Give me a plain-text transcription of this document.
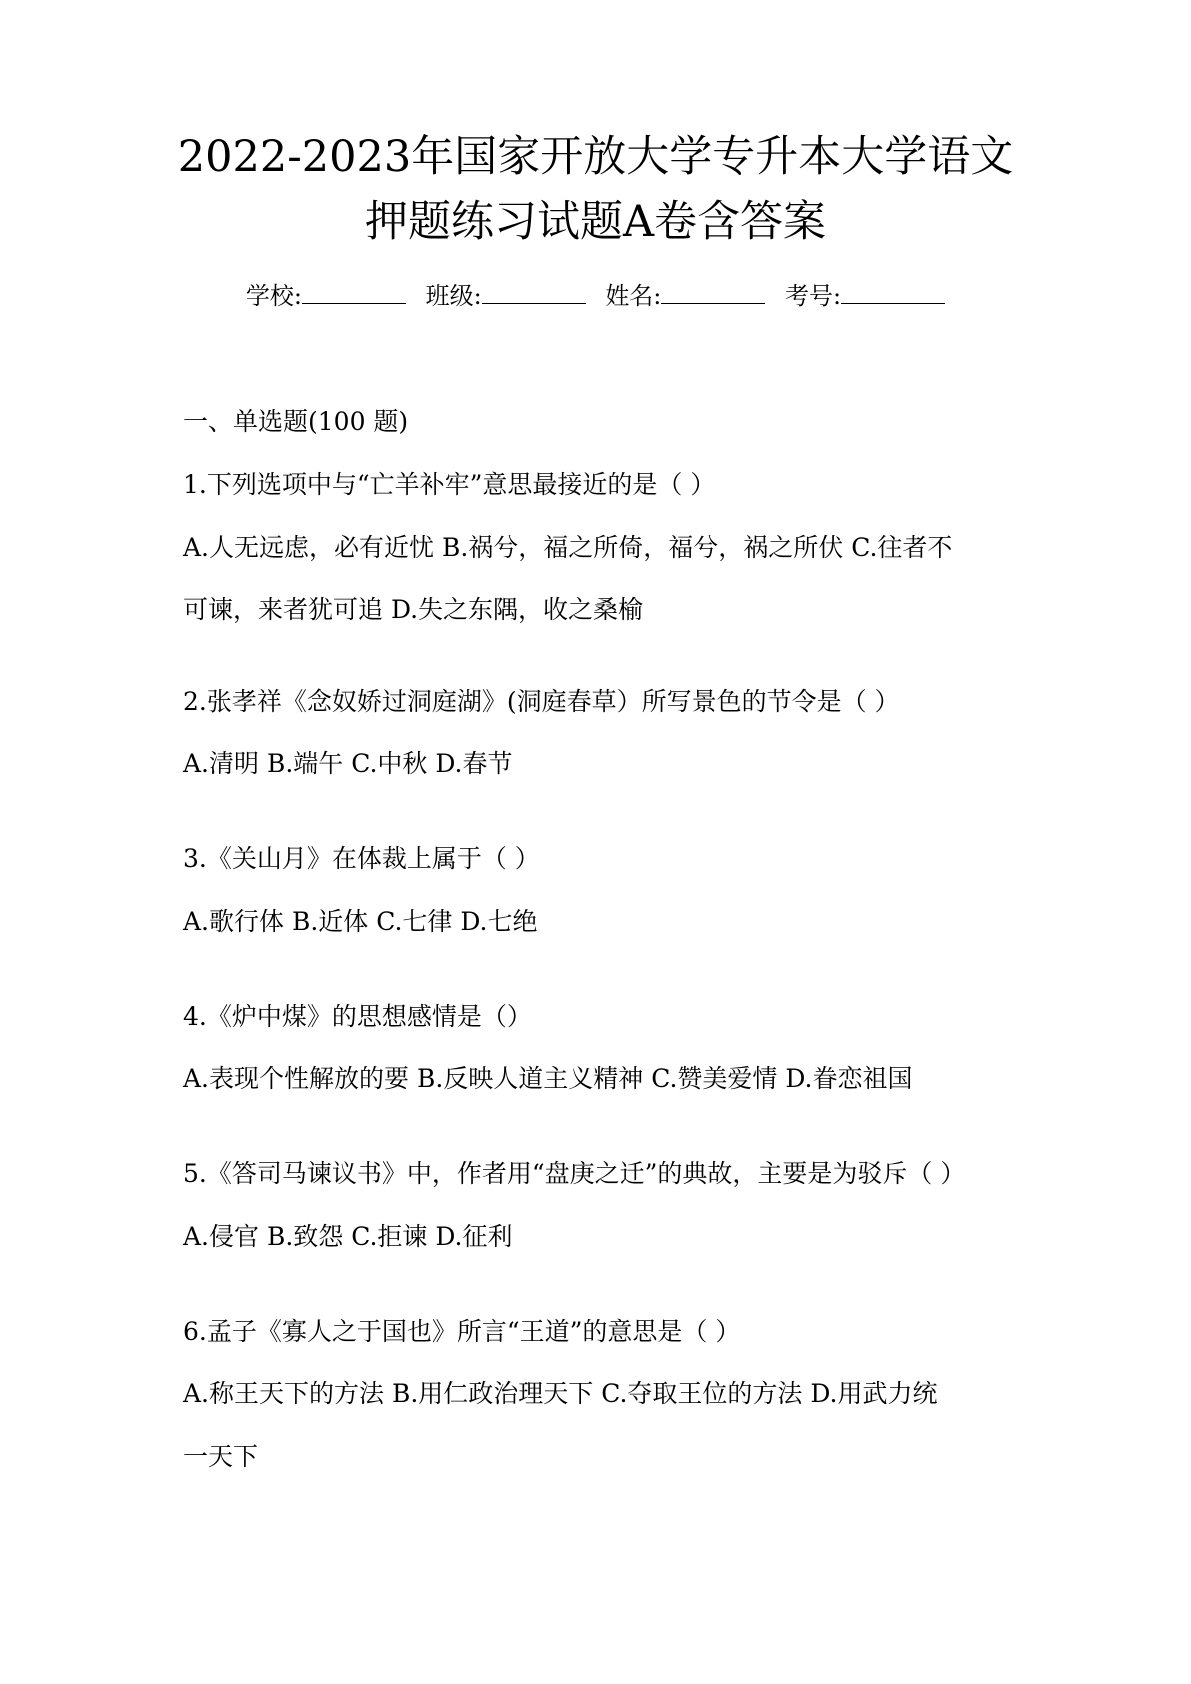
2022-2023年国家开放大学专升本大学语文
押题练习试题A卷含答案
学校:	班级:	姓名:	考号:
一、单选题(100 题)
1.下列选项中与“亡羊补牢”意思最接近的是（ ）
A.人无远虑，必有近忧 B.祸兮，福之所倚，福兮，祸之所伏 C.往者不
可谏，来者犹可追 D.失之东隅，收之桑榆
2.张孝祥《念奴娇过洞庭湖》(洞庭春草）所写景色的节令是（ ）
A.清明 B.端午 C.中秋 D.春节
3.《关山月》在体裁上属于（ ）
A.歌行体 B.近体 C.七律 D.七绝
4.《炉中煤》的思想感情是（）
A.表现个性解放的要 B.反映人道主义精神 C.赞美爱情 D.眷恋祖国
5.《答司马谏议书》中，作者用“盘庚之迁”的典故，主要是为驳斥（ ）
A.侵官 B.致怨 C.拒谏 D.征利
6.孟子《寡人之于国也》所言“王道”的意思是（ ）
A.称王天下的方法 B.用仁政治理天下 C.夺取王位的方法 D.用武力统
一天下
